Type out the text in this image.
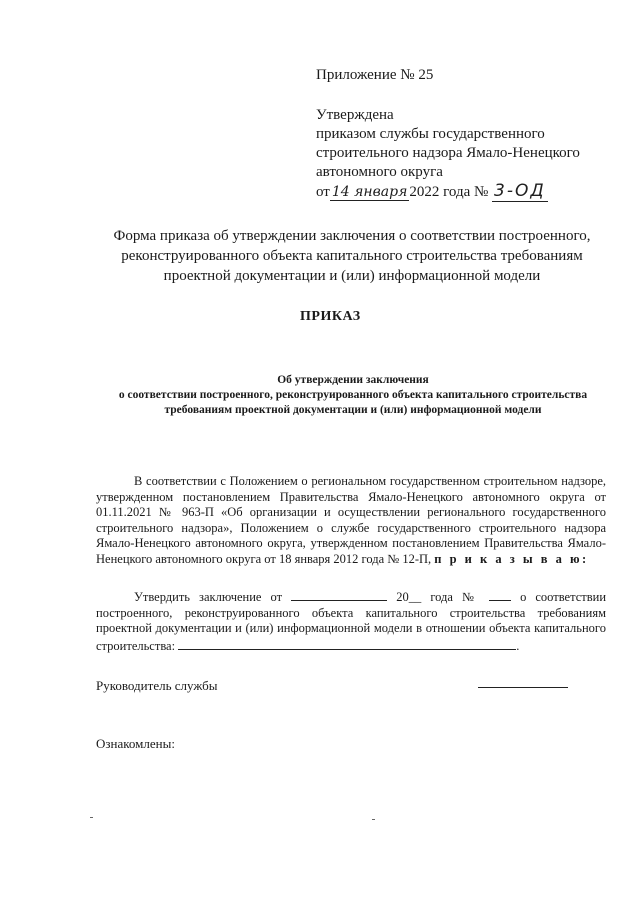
Приложение № 25
Утверждена
приказом службы государственного
строительного надзора Ямало-Ненецкого
автономного округа
от 14 января 2022 года № 3-ОД
Форма приказа об утверждении заключения о соответствии построенного, реконструированного объекта капитального строительства требованиям проектной документации и (или) информационной модели
ПРИКАЗ
Об утверждении заключения
о соответствии построенного, реконструированного объекта капитального строительства требованиям проектной документации и (или) информационной модели
В соответствии с Положением о региональном государственном строительном надзоре, утвержденном постановлением Правительства Ямало-Ненецкого автономного округа от 01.11.2021 № 963-П «Об организации и осуществлении регионального государственного строительного надзора», Положением о службе государственного строительного надзора Ямало-Ненецкого автономного округа, утвержденном постановлением Правительства Ямало-Ненецкого автономного округа от 18 января 2012 года № 12-П, п р и к а з ы в а ю:
Утвердить заключение от	20__ года №	о соответствии построенного, реконструированного объекта капитального строительства требованиям проектной документации и (или) информационной модели в отношении объекта капитального строительства:	.
Руководитель службы
Ознакомлены:
